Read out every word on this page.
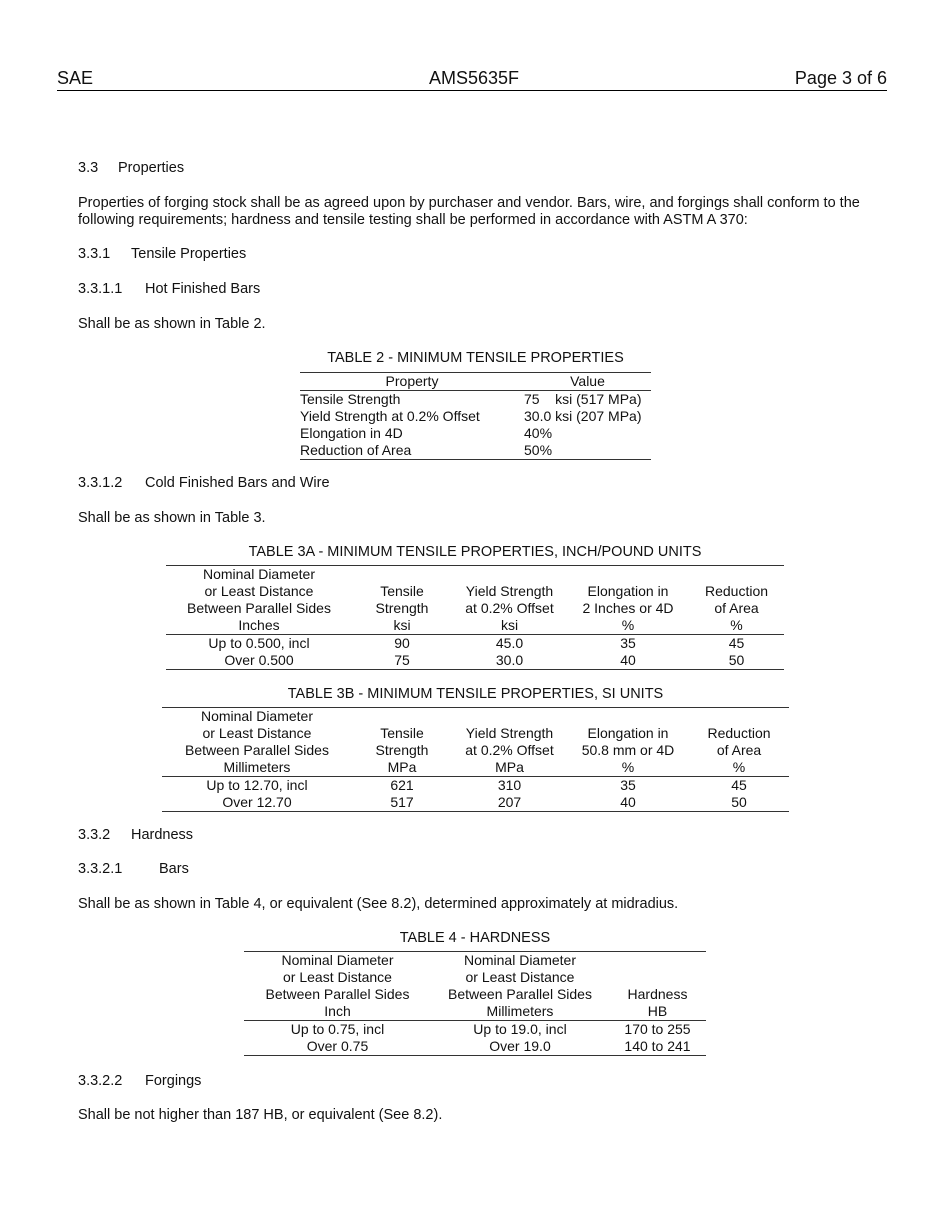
SAE	AMS5635F	Page 3 of 6
3.3 Properties
Properties of forging stock shall be as agreed upon by purchaser and vendor. Bars, wire, and forgings shall conform to the following requirements; hardness and tensile testing shall be performed in accordance with ASTM A 370:
3.3.1 Tensile Properties
3.3.1.1 Hot Finished Bars
Shall be as shown in Table 2.
TABLE 2 - MINIMUM TENSILE PROPERTIES
Property	Value
Tensile Strength	75    ksi (517 MPa)
Yield Strength at 0.2% Offset	30.0 ksi (207 MPa)
Elongation in 4D	40%
Reduction of Area	50%
3.3.1.2 Cold Finished Bars and Wire
Shall be as shown in Table 3.
TABLE 3A - MINIMUM TENSILE PROPERTIES, INCH/POUND UNITS
Nominal Diameter				
or Least Distance	Tensile	Yield Strength	Elongation in	Reduction
Between Parallel Sides	Strength	at 0.2% Offset	2 Inches or 4D	of Area
Inches	ksi	ksi	%	%
Up to 0.500, incl	90	45.0	35	45
Over 0.500	75	30.0	40	50
TABLE 3B - MINIMUM TENSILE PROPERTIES, SI UNITS
Nominal Diameter				
or Least Distance	Tensile	Yield Strength	Elongation in	Reduction
Between Parallel Sides	Strength	at 0.2% Offset	50.8 mm or 4D	of Area
Millimeters	MPa	MPa	%	%
Up to 12.70, incl	621	310	35	45
Over 12.70	517	207	40	50
3.3.2 Hardness
3.3.2.1	Bars
Shall be as shown in Table 4, or equivalent (See 8.2), determined approximately at midradius.
TABLE 4 - HARDNESS
Nominal Diameter	Nominal Diameter	
or Least Distance	or Least Distance	
Between Parallel Sides	Between Parallel Sides	Hardness
Inch	Millimeters	HB
Up to 0.75, incl	Up to 19.0, incl	170 to 255
Over 0.75	Over 19.0	140 to 241
3.3.2.2 Forgings
Shall be not higher than 187 HB, or equivalent (See 8.2).
